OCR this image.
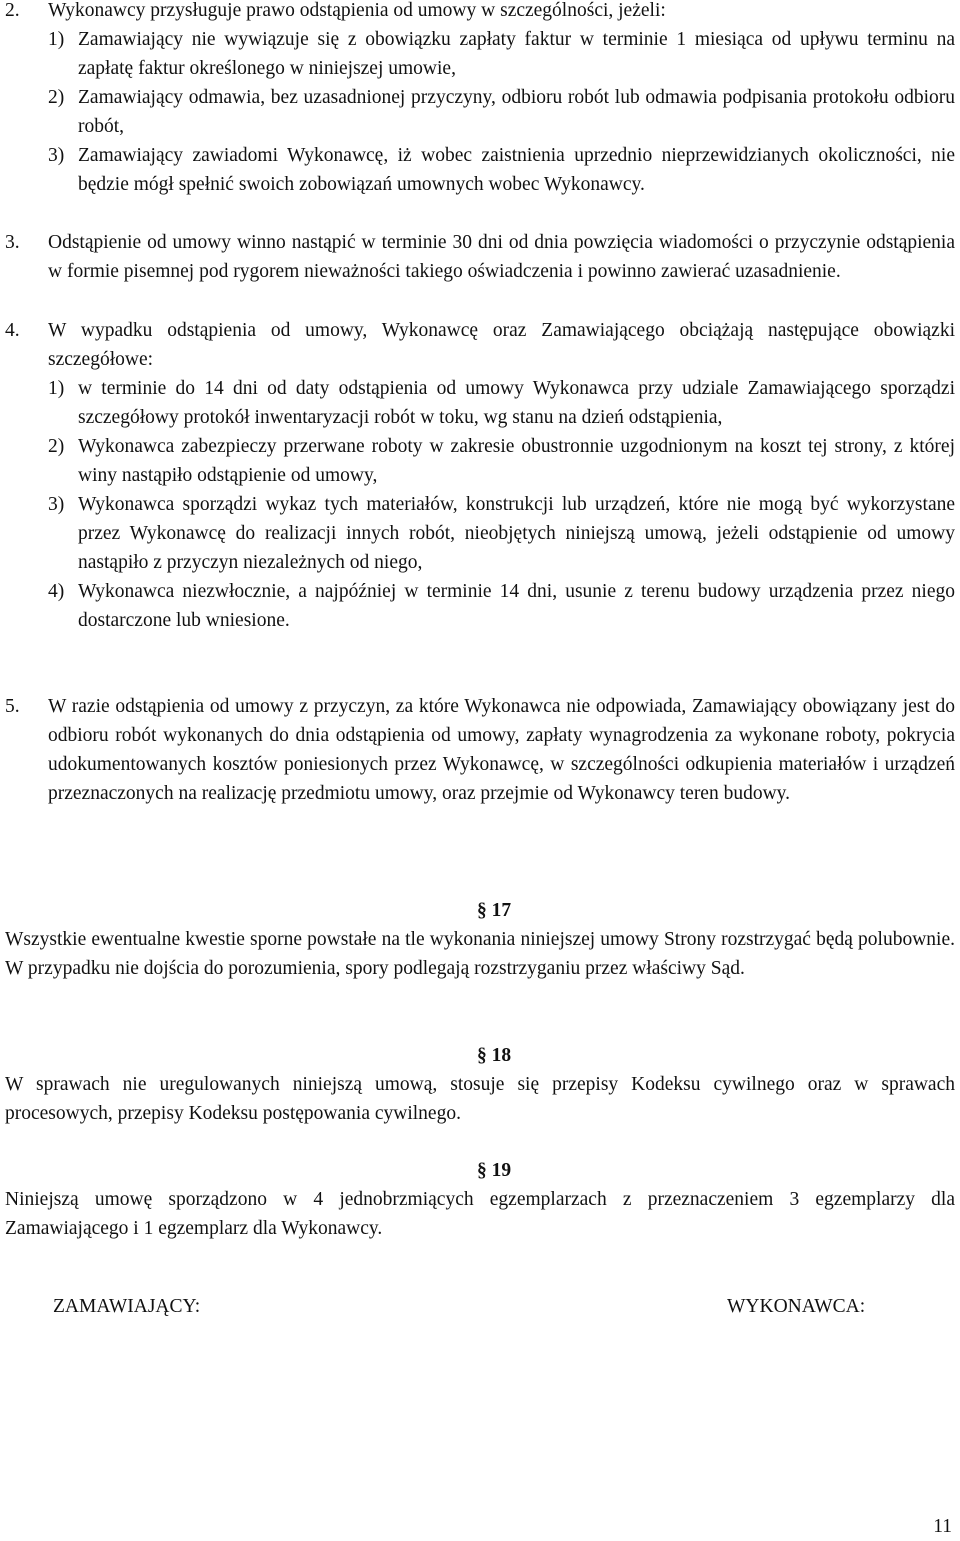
2.	Wykonawcy przysługuje prawo odstąpienia od umowy w szczególności, jeżeli:
1) Zamawiający nie wywiązuje się z obowiązku zapłaty faktur w terminie 1 miesiąca od upływu terminu na zapłatę faktur określonego w niniejszej umowie,
2) Zamawiający odmawia, bez uzasadnionej przyczyny, odbioru robót lub odmawia podpisania protokołu odbioru robót,
3) Zamawiający zawiadomi Wykonawcę, iż wobec zaistnienia uprzednio nieprzewidzianych okoliczności, nie będzie mógł spełnić swoich zobowiązań umownych wobec Wykonawcy.
3.	Odstąpienie od umowy winno nastąpić w terminie 30 dni od dnia powzięcia wiadomości o przyczynie odstąpienia w formie pisemnej pod rygorem nieważności takiego oświadczenia i powinno zawierać uzasadnienie.
4.	W wypadku odstąpienia od umowy, Wykonawcę oraz Zamawiającego obciążają następujące obowiązki szczegółowe:
1) w terminie do 14 dni od daty odstąpienia od umowy Wykonawca przy udziale Zamawiającego sporządzi szczegółowy protokół inwentaryzacji robót w toku, wg stanu na dzień odstąpienia,
2) Wykonawca zabezpieczy przerwane roboty w zakresie obustronnie uzgodnionym na koszt tej strony, z której winy nastąpiło odstąpienie od umowy,
3) Wykonawca sporządzi wykaz tych materiałów, konstrukcji lub urządzeń, które nie mogą być wykorzystane przez Wykonawcę do realizacji innych robót, nieobjętych niniejszą umową, jeżeli odstąpienie od umowy nastąpiło z przyczyn niezależnych od niego,
4) Wykonawca niezwłocznie, a najpóźniej w terminie 14 dni, usunie z terenu budowy urządzenia przez niego dostarczone lub wniesione.
5.	W razie odstąpienia od umowy z przyczyn, za które Wykonawca nie odpowiada, Zamawiający obowiązany jest do odbioru robót wykonanych do dnia odstąpienia od umowy, zapłaty wynagrodzenia za wykonane roboty, pokrycia udokumentowanych kosztów poniesionych przez Wykonawcę, w szczególności odkupienia materiałów i urządzeń przeznaczonych na realizację przedmiotu umowy, oraz przejmie od Wykonawcy teren budowy.
§ 17
Wszystkie ewentualne kwestie sporne powstałe na tle wykonania niniejszej umowy Strony rozstrzygać będą polubownie. W przypadku nie dojścia do porozumienia, spory podlegają rozstrzyganiu przez właściwy Sąd.
§ 18
W sprawach nie uregulowanych niniejszą umową, stosuje się przepisy Kodeksu cywilnego oraz w sprawach procesowych, przepisy Kodeksu postępowania cywilnego.
§ 19
Niniejszą umowę sporządzono w 4 jednobrzmiących egzemplarzach z przeznaczeniem 3 egzemplarzy dla Zamawiającego i 1 egzemplarz dla Wykonawcy.
ZAMAWIAJĄCY:	WYKONAWCA:
11
